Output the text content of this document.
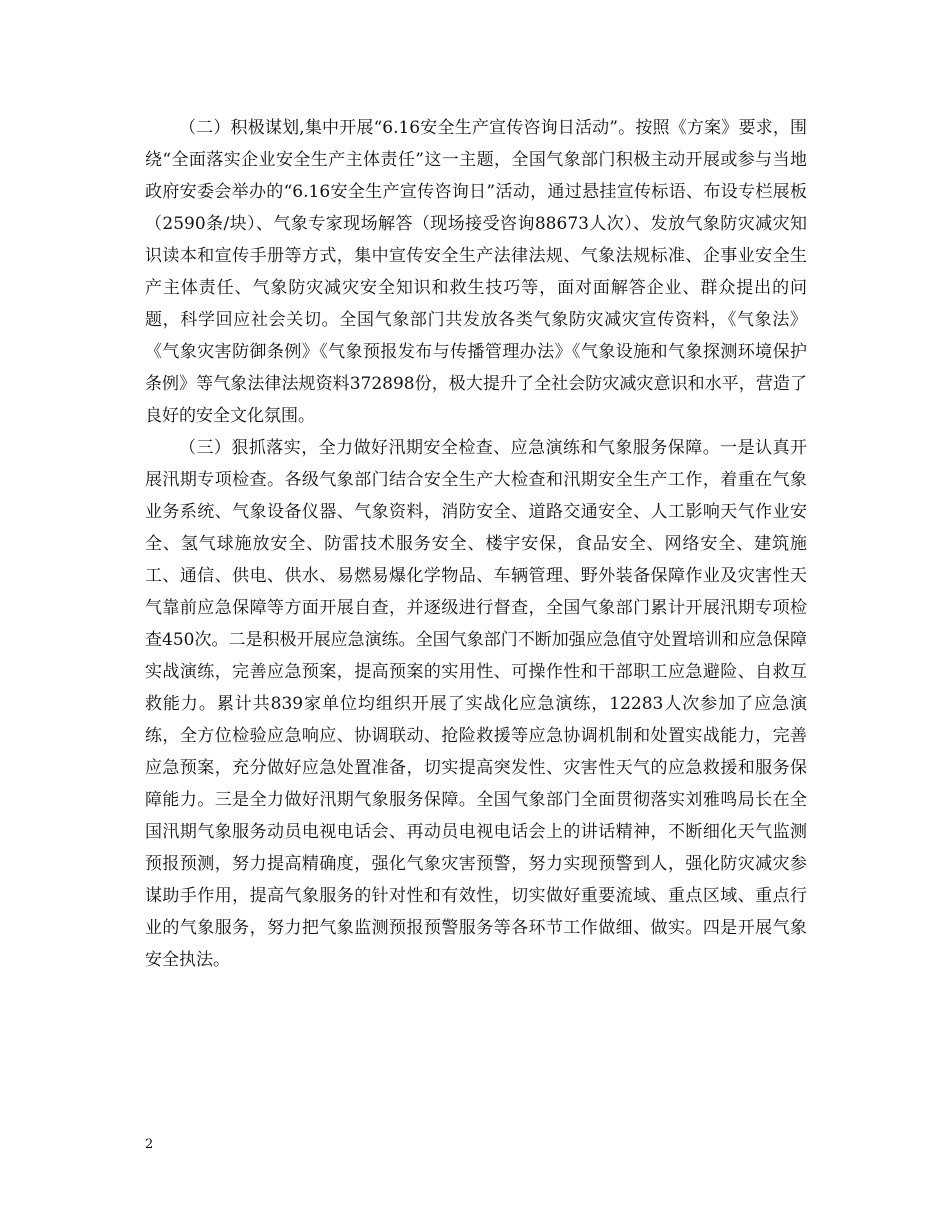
（二）积极谋划,集中开展“6.16安全生产宣传咨询日活动”。按照《方案》要求，围绕“全面落实企业安全生产主体责任”这一主题，全国气象部门积极主动开展或参与当地政府安委会举办的“6.16安全生产宣传咨询日”活动，通过悬挂宣传标语、布设专栏展板（2590条/块）、气象专家现场解答（现场接受咨询88673人次）、发放气象防灾减灾知识读本和宣传手册等方式，集中宣传安全生产法律法规、气象法规标准、企事业安全生产主体责任、气象防灾减灾安全知识和救生技巧等，面对面解答企业、群众提出的问题，科学回应社会关切。全国气象部门共发放各类气象防灾减灾宣传资料，《气象法》《气象灾害防御条例》《气象预报发布与传播管理办法》《气象设施和气象探测环境保护条例》等气象法律法规资料372898份，极大提升了全社会防灾减灾意识和水平，营造了良好的安全文化氛围。

（三）狠抓落实，全力做好汛期安全检查、应急演练和气象服务保障。一是认真开展汛期专项检查。各级气象部门结合安全生产大检查和汛期安全生产工作，着重在气象业务系统、气象设备仪器、气象资料，消防安全、道路交通安全、人工影响天气作业安全、氢气球施放安全、防雷技术服务安全、楼宇安保，食品安全、网络安全、建筑施工、通信、供电、供水、易燃易爆化学物品、车辆管理、野外装备保障作业及灾害性天气靠前应急保障等方面开展自查，并逐级进行督查，全国气象部门累计开展汛期专项检查450次。二是积极开展应急演练。全国气象部门不断加强应急值守处置培训和应急保障实战演练，完善应急预案，提高预案的实用性、可操作性和干部职工应急避险、自救互救能力。累计共839家单位均组织开展了实战化应急演练，12283人次参加了应急演练，全方位检验应急响应、协调联动、抢险救援等应急协调机制和处置实战能力，完善应急预案，充分做好应急处置准备，切实提高突发性、灾害性天气的应急救援和服务保障能力。三是全力做好汛期气象服务保障。全国气象部门全面贯彻落实刘雅鸣局长在全国汛期气象服务动员电视电话会、再动员电视电话会上的讲话精神，不断细化天气监测预报预测，努力提高精确度，强化气象灾害预警，努力实现预警到人，强化防灾减灾参谋助手作用，提高气象服务的针对性和有效性，切实做好重要流域、重点区域、重点行业的气象服务，努力把气象监测预报预警服务等各环节工作做细、做实。四是开展气象安全执法。

2
